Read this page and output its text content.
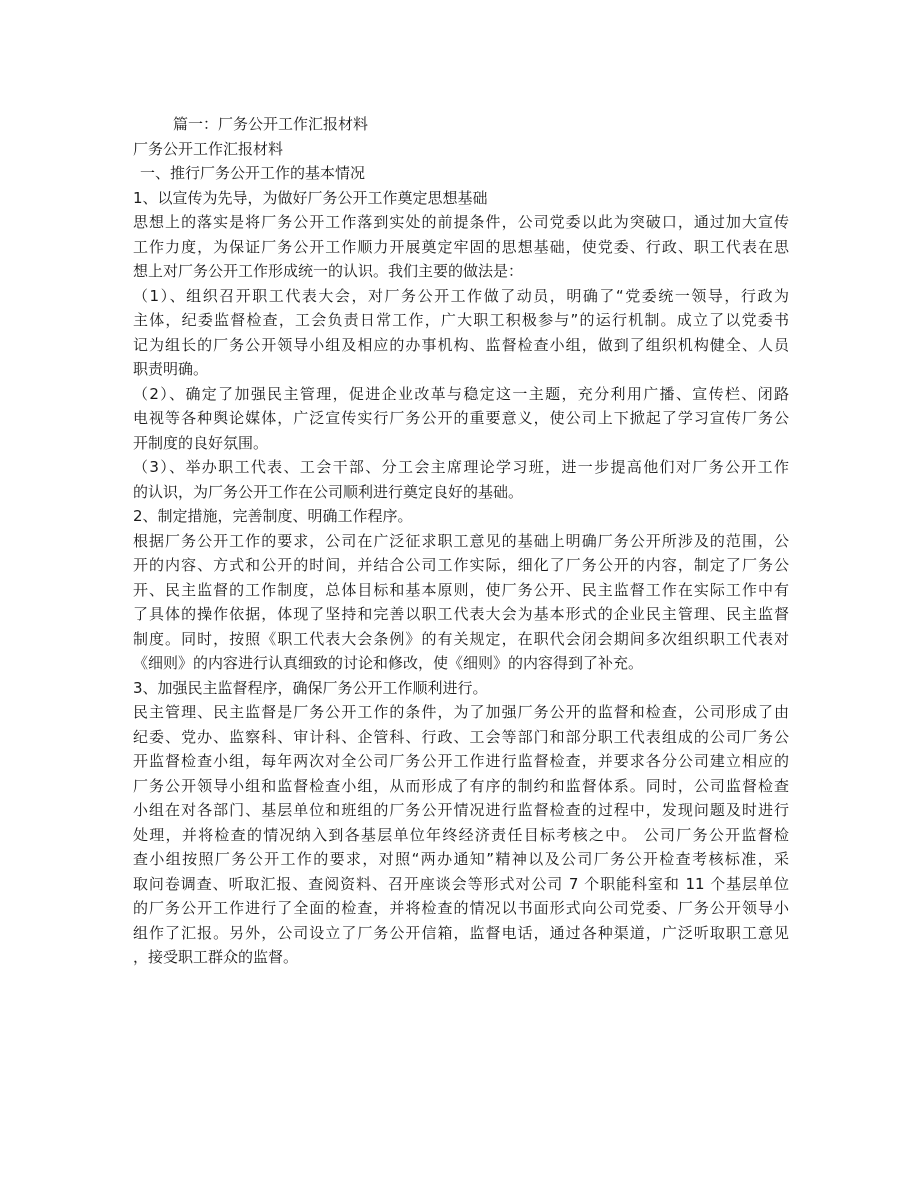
篇一：厂务公开工作汇报材料
厂务公开工作汇报材料
一、推行厂务公开工作的基本情况
1、以宣传为先导，为做好厂务公开工作奠定思想基础
思想上的落实是将厂务公开工作落到实处的前提条件，公司党委以此为突破口，通过加大宣传
工作力度，为保证厂务公开工作顺力开展奠定牢固的思想基础，使党委、行政、职工代表在思
想上对厂务公开工作形成统一的认识。我们主要的做法是：
（1）、组织召开职工代表大会，对厂务公开工作做了动员，明确了“党委统一领导，行政为
主体，纪委监督检查，工会负责日常工作，广大职工积极参与”的运行机制。成立了以党委书
记为组长的厂务公开领导小组及相应的办事机构、监督检查小组，做到了组织机构健全、人员
职责明确。
（2）、确定了加强民主管理，促进企业改革与稳定这一主题，充分利用广播、宣传栏、闭路
电视等各种舆论媒体，广泛宣传实行厂务公开的重要意义，使公司上下掀起了学习宣传厂务公
开制度的良好氛围。
（3）、举办职工代表、工会干部、分工会主席理论学习班，进一步提高他们对厂务公开工作
的认识，为厂务公开工作在公司顺利进行奠定良好的基础。
2、制定措施，完善制度、明确工作程序。
根据厂务公开工作的要求，公司在广泛征求职工意见的基础上明确厂务公开所涉及的范围，公
开的内容、方式和公开的时间，并结合公司工作实际，细化了厂务公开的内容，制定了厂务公
开、民主监督的工作制度，总体目标和基本原则，使厂务公开、民主监督工作在实际工作中有
了具体的操作依据，体现了坚持和完善以职工代表大会为基本形式的企业民主管理、民主监督
制度。同时，按照《职工代表大会条例》的有关规定，在职代会闭会期间多次组织职工代表对
《细则》的内容进行认真细致的讨论和修改，使《细则》的内容得到了补充。
3、加强民主监督程序，确保厂务公开工作顺利进行。
民主管理、民主监督是厂务公开工作的条件，为了加强厂务公开的监督和检查，公司形成了由
纪委、党办、监察科、审计科、企管科、行政、工会等部门和部分职工代表组成的公司厂务公
开监督检查小组，每年两次对全公司厂务公开工作进行监督检查，并要求各分公司建立相应的
厂务公开领导小组和监督检查小组，从而形成了有序的制约和监督体系。同时，公司监督检查
小组在对各部门、基层单位和班组的厂务公开情况进行监督检查的过程中，发现问题及时进行
处理，并将检查的情况纳入到各基层单位年终经济责任目标考核之中。 公司厂务公开监督检
查小组按照厂务公开工作的要求，对照“两办通知”精神以及公司厂务公开检查考核标准，采
取问卷调查、听取汇报、查阅资料、召开座谈会等形式对公司 7 个职能科室和 11 个基层单位
的厂务公开工作进行了全面的检查，并将检查的情况以书面形式向公司党委、厂务公开领导小
组作了汇报。另外，公司设立了厂务公开信箱，监督电话，通过各种渠道，广泛听取职工意见
，接受职工群众的监督。
